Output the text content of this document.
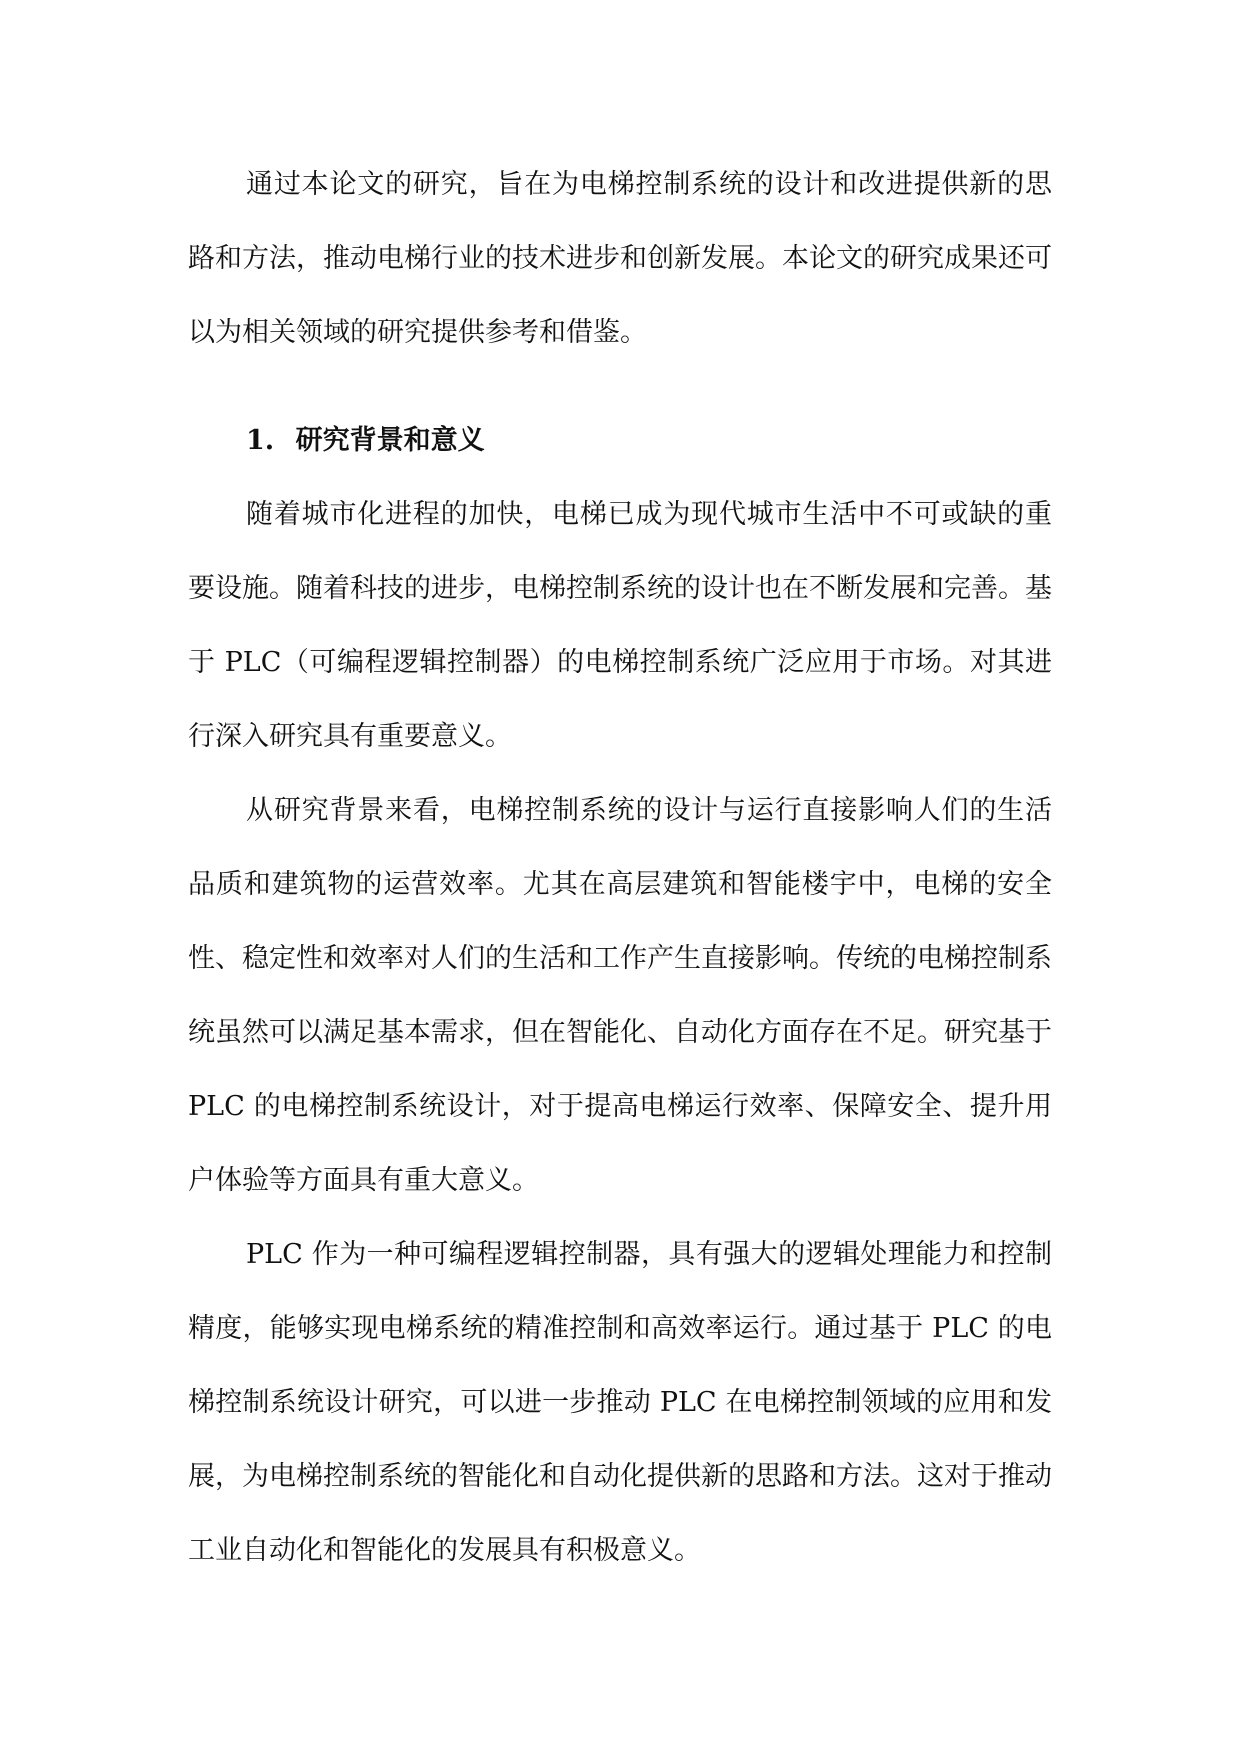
通过本论文的研究，旨在为电梯控制系统的设计和改进提供新的思路和方法，推动电梯行业的技术进步和创新发展。本论文的研究成果还可以为相关领域的研究提供参考和借鉴。

1. 研究背景和意义

随着城市化进程的加快，电梯已成为现代城市生活中不可或缺的重要设施。随着科技的进步，电梯控制系统的设计也在不断发展和完善。基于 PLC（可编程逻辑控制器）的电梯控制系统广泛应用于市场。对其进行深入研究具有重要意义。

从研究背景来看，电梯控制系统的设计与运行直接影响人们的生活品质和建筑物的运营效率。尤其在高层建筑和智能楼宇中，电梯的安全性、稳定性和效率对人们的生活和工作产生直接影响。传统的电梯控制系统虽然可以满足基本需求，但在智能化、自动化方面存在不足。研究基于 PLC 的电梯控制系统设计，对于提高电梯运行效率、保障安全、提升用户体验等方面具有重大意义。

PLC 作为一种可编程逻辑控制器，具有强大的逻辑处理能力和控制精度，能够实现电梯系统的精准控制和高效率运行。通过基于 PLC 的电梯控制系统设计研究，可以进一步推动 PLC 在电梯控制领域的应用和发展，为电梯控制系统的智能化和自动化提供新的思路和方法。这对于推动工业自动化和智能化的发展具有积极意义。
